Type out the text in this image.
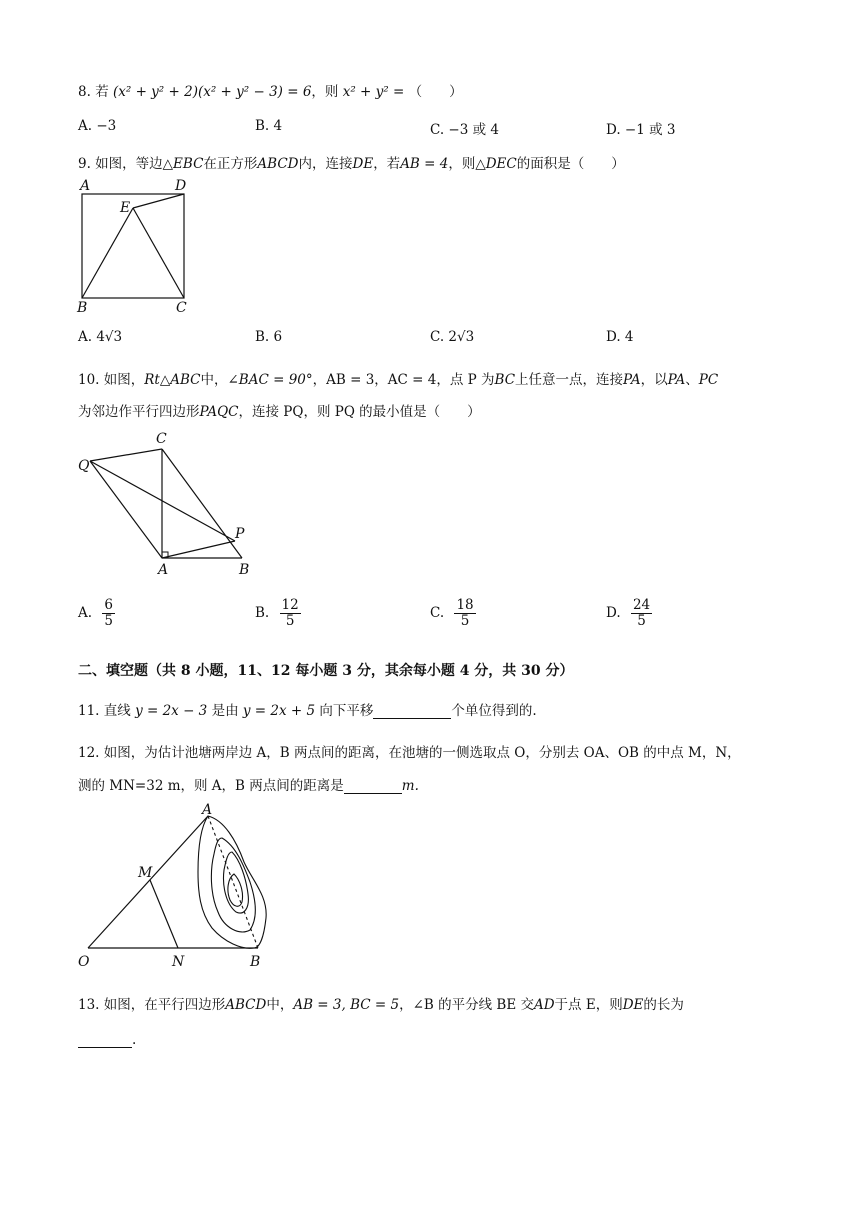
8. 若 (x² + y² + 2)(x² + y² − 3) = 6，则 x² + y² = （　　）
A. −3	B. 4	C. −3 或 4	D. −1 或 3
9. 如图，等边△EBC在正方形ABCD内，连接DE，若AB = 4，则△DEC的面积是（　　）
A	D
E
B	C
A. 4√3	B. 6	C. 2√3	D. 4
10. 如图，Rt△ABC中，∠BAC = 90°，AB = 3，AC = 4，点 P 为BC上任意一点，连接PA，以PA、PC
为邻边作平行四边形PAQC，连接 PQ，则 PQ 的最小值是（　　）
C
Q
P
A	B
A. $\frac{6}{5}$	B. $\frac{12}{5}$	C. $\frac{18}{5}$	D. $\frac{24}{5}$
二、填空题（共 8 小题，11、12 每小题 3 分，其余每小题 4 分，共 30 分）
11. 直线 y = 2x − 3 是由 y = 2x + 5 向下平移	个单位得到的.
12. 如图，为估计池塘两岸边 A，B 两点间的距离，在池塘的一侧选取点 O，分别去 OA、OB 的中点 M，N，
测的 MN=32 m，则 A，B 两点间的距离是	m.
A
M
O	N	B
13. 如图，在平行四边形ABCD中，AB = 3, BC = 5，∠B 的平分线 BE 交AD于点 E，则DE的长为
.
